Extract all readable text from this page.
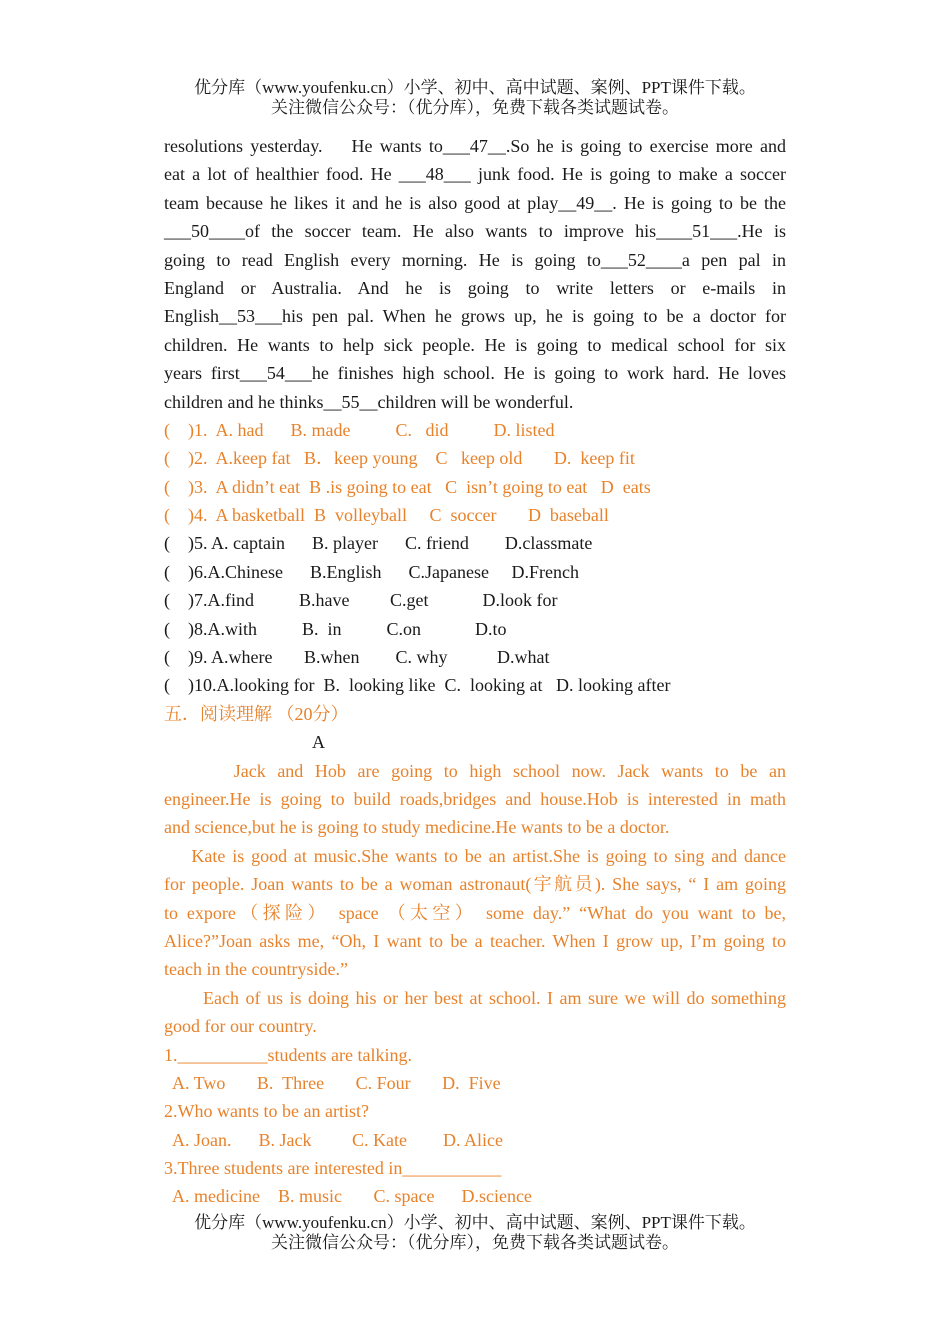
优分库（www.youfenku.cn）小学、初中、高中试题、案例、PPT课件下载。
关注微信公众号：（优分库），免费下载各类试题试卷。
resolutions yesterday.    He wants to___47__.So he is going to exercise more and
eat a lot of healthier food. He ___48___ junk food. He is going to make a soccer
team because he likes it and he is also good at play__49__. He is going to be the
___50____of the soccer team. He also wants to improve his____51___.He is
going to read English every morning. He is going to___52____a pen pal in
England or Australia. And he is going to write letters or e-mails in
English__53___his pen pal. When he grows up, he is going to be a doctor for
children. He wants to help sick people. He is going to medical school for six
years first___54___he finishes high school. He is going to work hard. He loves
children and he thinks__55__children will be wonderful.
(    )1.  A. had      B. made          C.   did          D. listed
(    )2.  A.keep fat   B．keep young    C   keep old       D.  keep fit
(    )3.  A didn’t eat  B .is going to eat   C  isn’t going to eat   D  eats
(    )4.  A basketball  B  volleyball     C  soccer       D  baseball
(    )5. A. captain      B. player      C. friend        D.classmate
(    )6.A.Chinese      B.English      C.Japanese     D.French
(    )7.A.find          B.have         C.get            D.look for
(    )8.A.with          B.  in          C.on            D.to
(    )9. A.where       B.when        C. why           D.what
(    )10.A.looking for  B.  looking like  C.  looking at   D. looking after
五．阅读理解 （20分）
A
Jack and Hob are going to high school now. Jack wants to be an
engineer.He is going to build roads,bridges and house.Hob is interested in math
and science,but he is going to study medicine.He wants to be a doctor.
Kate is good at music.She wants to be an artist.She is going to sing and dance
for people. Joan wants to be a woman astronaut(宇航员). She says, “ I am going
to expore（探险） space （太空） some day.” “What do you want to be,
Alice?”Joan asks me, “Oh, I want to be a teacher. When I grow up, I’m going to
teach in the countryside.”
Each of us is doing his or her best at school. I am sure we will do something
good for our country.
1.__________students are talking.
A. Two       B.  Three       C. Four       D.  Five
2.Who wants to be an artist?
A. Joan.      B. Jack         C. Kate        D. Alice
3.Three students are interested in___________
A. medicine    B. music       C. space      D.science
优分库（www.youfenku.cn）小学、初中、高中试题、案例、PPT课件下载。
关注微信公众号：（优分库），免费下载各类试题试卷。
